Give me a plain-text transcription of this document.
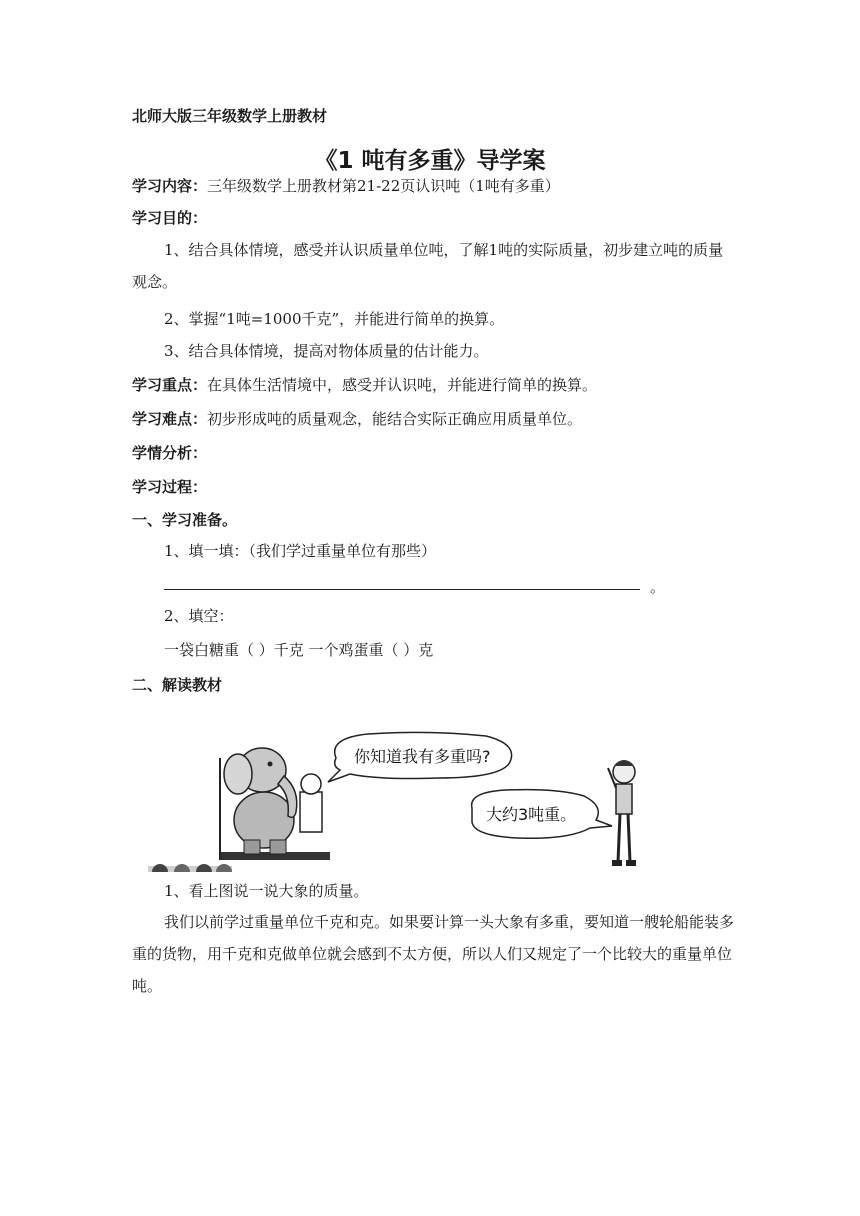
北师大版三年级数学上册教材
《1 吨有多重》导学案
学习内容：三年级数学上册教材第21-22页认识吨（1吨有多重）
学习目的：
1、结合具体情境，感受并认识质量单位吨，了解1吨的实际质量，初步建立吨的质量观念。
2、掌握“1吨=1000千克”，并能进行简单的换算。
3、结合具体情境，提高对物体质量的估计能力。
学习重点：在具体生活情境中，感受并认识吨，并能进行简单的换算。
学习难点：初步形成吨的质量观念，能结合实际正确应用质量单位。
学情分析：
学习过程：
一、学习准备。
1、填一填：（我们学过重量单位有那些）
。
2、填空：
一袋白糖重（ ）千克 一个鸡蛋重（ ）克
二、解读教材
你知道我有多重吗?
大约3吨重。
1、看上图说一说大象的质量。
我们以前学过重量单位千克和克。如果要计算一头大象有多重，要知道一艘轮船能装多重的货物，用千克和克做单位就会感到不太方便，所以人们又规定了一个比较大的重量单位吨。
